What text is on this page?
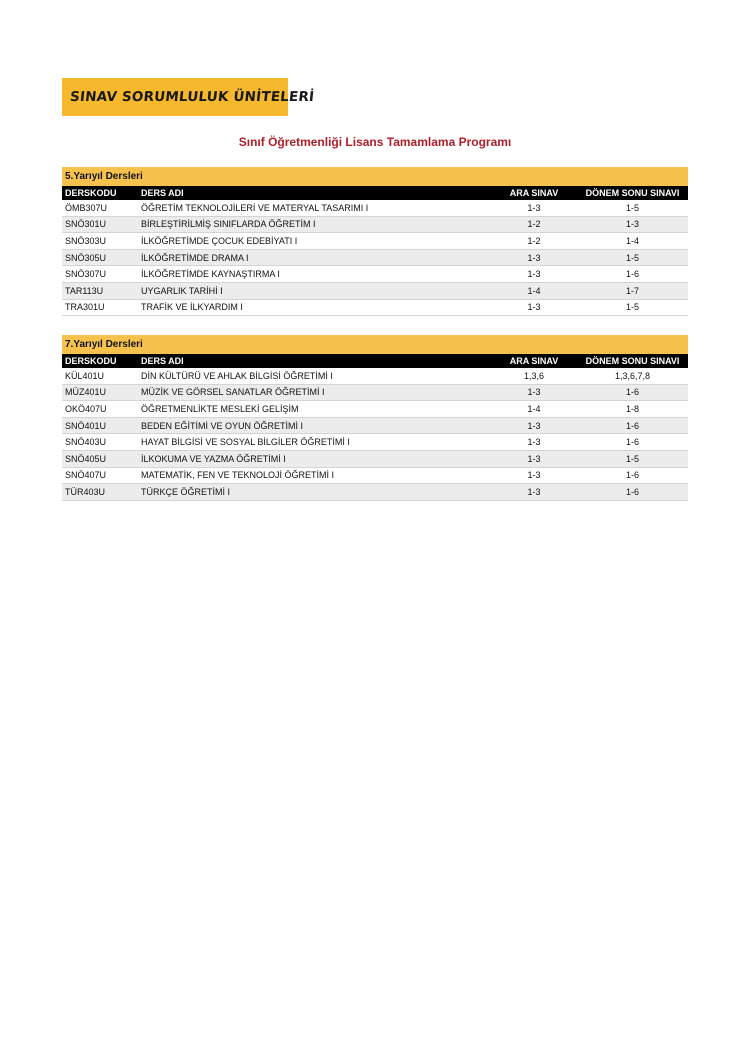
SINAV SORUMLULUK ÜNİTELERİ
Sınıf Öğretmenliği Lisans Tamamlama Programı
5.Yarıyıl Dersleri
DERSKODU	DERS ADI	ARA SINAV	DÖNEM SONU SINAVI
ÖMB307U	ÖĞRETİM TEKNOLOJİLERİ VE MATERYAL TASARIMI I	1-3	1-5
SNÖ301U	BİRLEŞTİRİLMİŞ SINIFLARDA ÖĞRETİM I	1-2	1-3
SNÖ303U	İLKÖĞRETİMDE ÇOCUK EDEBİYATI I	1-2	1-4
SNÖ305U	İLKÖĞRETİMDE DRAMA I	1-3	1-5
SNÖ307U	İLKÖĞRETİMDE KAYNAŞTIRMA I	1-3	1-6
TAR113U	UYGARLIK TARİHİ I	1-4	1-7
TRA301U	TRAFİK VE İLKYARDIM I	1-3	1-5
7.Yarıyıl Dersleri
DERSKODU	DERS ADI	ARA SINAV	DÖNEM SONU SINAVI
KÜL401U	DİN KÜLTÜRÜ VE AHLAK BİLGİSİ ÖĞRETİMİ I	1,3,6	1,3,6,7,8
MÜZ401U	MÜZİK VE GÖRSEL SANATLAR ÖĞRETİMİ I	1-3	1-6
OKÖ407U	ÖĞRETMENLİKTE MESLEKİ GELİŞİM	1-4	1-8
SNÖ401U	BEDEN EĞİTİMİ VE OYUN ÖĞRETİMİ I	1-3	1-6
SNÖ403U	HAYAT BİLGİSİ VE SOSYAL BİLGİLER ÖĞRETİMİ I	1-3	1-6
SNÖ405U	İLKOKUMA VE YAZMA ÖĞRETİMİ I	1-3	1-5
SNÖ407U	MATEMATİK, FEN VE TEKNOLOJİ ÖĞRETİMİ I	1-3	1-6
TÜR403U	TÜRKÇE ÖĞRETİMİ I	1-3	1-6
